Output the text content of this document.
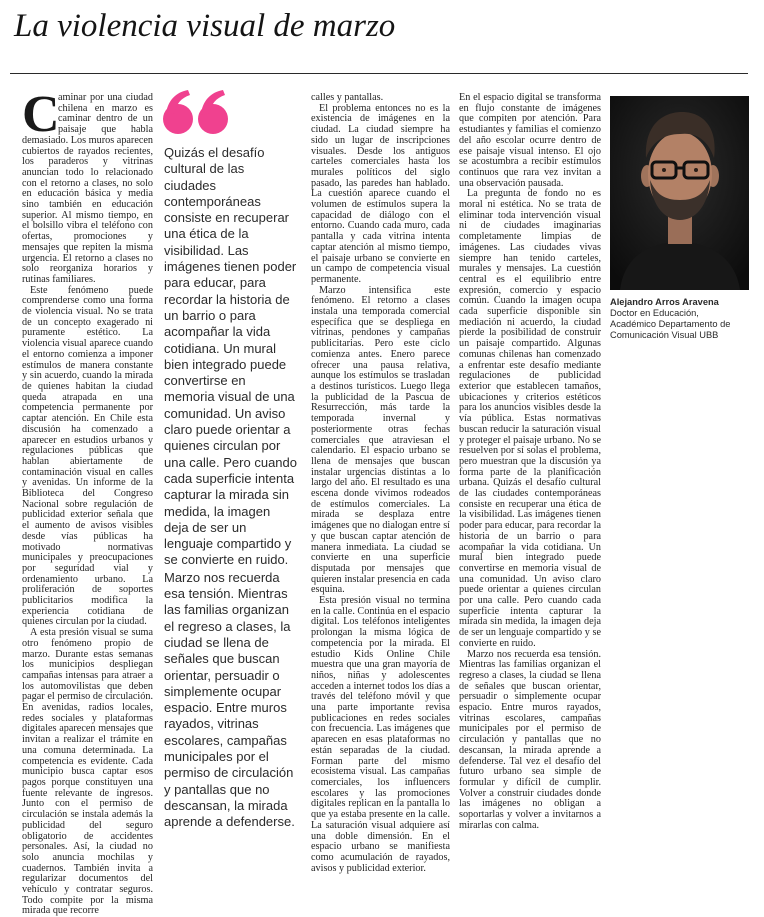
La violencia visual de marzo

C
aminar por una ciudad chilena en marzo es caminar dentro de un paisaje que habla demasiado. Los muros aparecen cubiertos de rayados recientes, los paraderos y vitrinas anuncian todo lo relacionado con el retorno a clases, no solo en educación básica y media sino también en educación superior. Al mismo tiempo, en el bolsillo vibra el teléfono con ofertas, promociones y mensajes que repiten la misma urgencia. El retorno a clases no solo reorganiza horarios y rutinas familiares.

Este fenómeno puede comprenderse como una forma de violencia visual. No se trata de un concepto exagerado ni puramente estético. La violencia visual aparece cuando el entorno comienza a imponer estímulos de manera constante y sin acuerdo, cuando la mirada de quienes habitan la ciudad queda atrapada en una competencia permanente por captar atención. En Chile esta discusión ha comenzado a aparecer en estudios urbanos y regulaciones públicas que hablan abiertamente de contaminación visual en calles y avenidas. Un informe de la Biblioteca del Congreso Nacional sobre regulación de publicidad exterior señala que el aumento de avisos visibles desde vías públicas ha motivado normativas municipales y preocupaciones por seguridad vial y ordenamiento urbano. La proliferación de soportes publicitarios modifica la experiencia cotidiana de quienes circulan por la ciudad.

A esta presión visual se suma otro fenómeno propio de marzo. Durante estas semanas los municipios despliegan campañas intensas para atraer a los automovilistas que deben pagar el permiso de circulación. En avenidas, radios locales, redes sociales y plataformas digitales aparecen mensajes que invitan a realizar el trámite en una comuna determinada. La competencia es evidente. Cada municipio busca captar esos pagos porque constituyen una fuente relevante de ingresos. Junto con el permiso de circulación se instala además la publicidad del seguro obligatorio de accidentes personales. Así, la ciudad no solo anuncia mochilas y cuadernos. También invita a regularizar documentos del vehículo y contratar seguros. Todo compite por la misma mirada que recorre

Quizás el desafío cultural de las ciudades contemporáneas consiste en recuperar una ética de la visibilidad. Las imágenes tienen poder para educar, para recordar la historia de un barrio o para acompañar la vida cotidiana. Un mural bien integrado puede convertirse en memoria visual de una comunidad. Un aviso claro puede orientar a quienes circulan por una calle. Pero cuando cada superficie intenta capturar la mirada sin medida, la imagen deja de ser un lenguaje compartido y se convierte en ruido.

Marzo nos recuerda esa tensión. Mientras las familias organizan el regreso a clases, la ciudad se llena de señales que buscan orientar, persuadir o simplemente ocupar espacio. Entre muros rayados, vitrinas escolares, campañas municipales por el permiso de circulación y pantallas que no descansan, la mirada aprende a defenderse.

calles y pantallas.

El problema entonces no es la existencia de imágenes en la ciudad. La ciudad siempre ha sido un lugar de inscripciones visuales. Desde los antiguos carteles comerciales hasta los murales políticos del siglo pasado, las paredes han hablado. La cuestión aparece cuando el volumen de estímulos supera la capacidad de diálogo con el entorno. Cuando cada muro, cada pantalla y cada vitrina intenta captar atención al mismo tiempo, el paisaje urbano se convierte en un campo de competencia visual permanente.

Marzo intensifica este fenómeno. El retorno a clases instala una temporada comercial específica que se despliega en vitrinas, pendones y campañas publicitarias. Pero este ciclo comienza antes. Enero parece ofrecer una pausa relativa, aunque los estímulos se trasladan a destinos turísticos. Luego llega la publicidad de la Pascua de Resurrección, más tarde la temporada invernal y posteriormente otras fechas comerciales que atraviesan el calendario. El espacio urbano se llena de mensajes que buscan instalar urgencias distintas a lo largo del año. El resultado es una escena donde vivimos rodeados de estímulos comerciales. La mirada se desplaza entre imágenes que no dialogan entre sí y que buscan captar atención de manera inmediata. La ciudad se convierte en una superficie disputada por mensajes que quieren instalar presencia en cada esquina.

Esta presión visual no termina en la calle. Continúa en el espacio digital. Los teléfonos inteligentes prolongan la misma lógica de competencia por la mirada. El estudio Kids Online Chile muestra que una gran mayoría de niños, niñas y adolescentes acceden a internet todos los días a través del teléfono móvil y que una parte importante revisa publicaciones en redes sociales con frecuencia. Las imágenes que aparecen en esas plataformas no están separadas de la ciudad. Forman parte del mismo ecosistema visual. Las campañas comerciales, los influencers escolares y las promociones digitales replican en la pantalla lo que ya estaba presente en la calle. La saturación visual adquiere así una doble dimensión. En el espacio urbano se manifiesta como acumulación de rayados, avisos y publicidad exterior.

En el espacio digital se transforma en flujo constante de imágenes que compiten por atención. Para estudiantes y familias el comienzo del año escolar ocurre dentro de ese paisaje visual intenso. El ojo se acostumbra a recibir estímulos continuos que rara vez invitan a una observación pausada.

La pregunta de fondo no es moral ni estética. No se trata de eliminar toda intervención visual ni de ciudades imaginarias completamente limpias de imágenes. Las ciudades vivas siempre han tenido carteles, murales y mensajes. La cuestión central es el equilibrio entre expresión, comercio y espacio común. Cuando la imagen ocupa cada superficie disponible sin mediación ni acuerdo, la ciudad pierde la posibilidad de construir un paisaje compartido. Algunas comunas chilenas han comenzado a enfrentar este desafío mediante regulaciones de publicidad exterior que establecen tamaños, ubicaciones y criterios estéticos para los anuncios visibles desde la vía pública. Estas normativas buscan reducir la saturación visual y proteger el paisaje urbano. No se resuelven por sí solas el problema, pero muestran que la discusión ya forma parte de la planificación urbana. Quizás el desafío cultural de las ciudades contemporáneas consiste en recuperar una ética de la visibilidad. Las imágenes tienen poder para educar, para recordar la historia de un barrio o para acompañar la vida cotidiana. Un mural bien integrado puede convertirse en memoria visual de una comunidad. Un aviso claro puede orientar a quienes circulan por una calle. Pero cuando cada superficie intenta capturar la mirada sin medida, la imagen deja de ser un lenguaje compartido y se convierte en ruido.

Marzo nos recuerda esa tensión. Mientras las familias organizan el regreso a clases, la ciudad se llena de señales que buscan orientar, persuadir o simplemente ocupar espacio. Entre muros rayados, vitrinas escolares, campañas municipales por el permiso de circulación y pantallas que no descansan, la mirada aprende a defenderse. Tal vez el desafío del futuro urbano sea simple de formular y difícil de cumplir. Volver a construir ciudades donde las imágenes no obligan a soportarlas y volver a invitarnos a mirarlas con calma.

Alejandro Arros Aravena
Doctor en Educación,
Académico Departamento de
Comunicación Visual UBB
